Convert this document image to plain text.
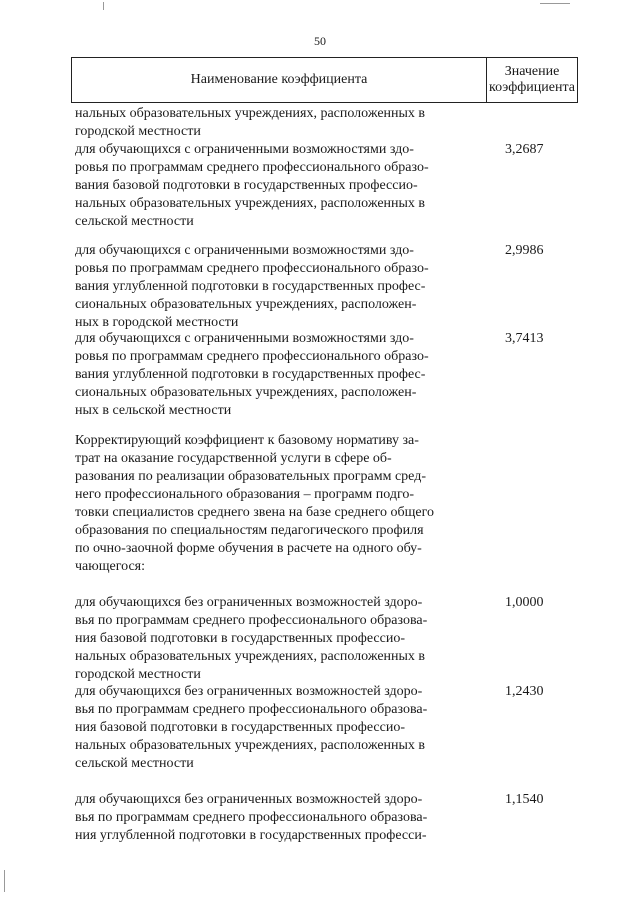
50
Наименование коэффициента
Значение
коэффициента
нальных образовательных учреждениях, расположенных в
городской местности
для обучающихся с ограниченными возможностями здо-
ровья по программам среднего профессионального образо-
вания базовой подготовки в государственных профессио-
нальных образовательных учреждениях, расположенных в
сельской местности
3,2687
для обучающихся с ограниченными возможностями здо-
ровья по программам среднего профессионального образо-
вания углубленной подготовки в государственных профес-
сиональных образовательных учреждениях, расположен-
ных в городской местности
2,9986
для обучающихся с ограниченными возможностями здо-
ровья по программам среднего профессионального образо-
вания углубленной подготовки в государственных профес-
сиональных образовательных учреждениях, расположен-
ных в сельской местности
3,7413
Корректирующий коэффициент к базовому нормативу за-
трат на оказание государственной услуги в сфере об-
разования по реализации образовательных программ сред-
него профессионального образования – программ подго-
товки специалистов среднего звена на базе среднего общего
образования по специальностям педагогического профиля
по очно-заочной форме обучения в расчете на одного обу-
чающегося:
для обучающихся без ограниченных возможностей здоро-
вья по программам среднего профессионального образова-
ния базовой подготовки в государственных профессио-
нальных образовательных учреждениях, расположенных в
городской местности
1,0000
для обучающихся без ограниченных возможностей здоро-
вья по программам среднего профессионального образова-
ния базовой подготовки в государственных профессио-
нальных образовательных учреждениях, расположенных в
сельской местности
1,2430
для обучающихся без ограниченных возможностей здоро-
вья по программам среднего профессионального образова-
ния углубленной подготовки в государственных професси-
1,1540
